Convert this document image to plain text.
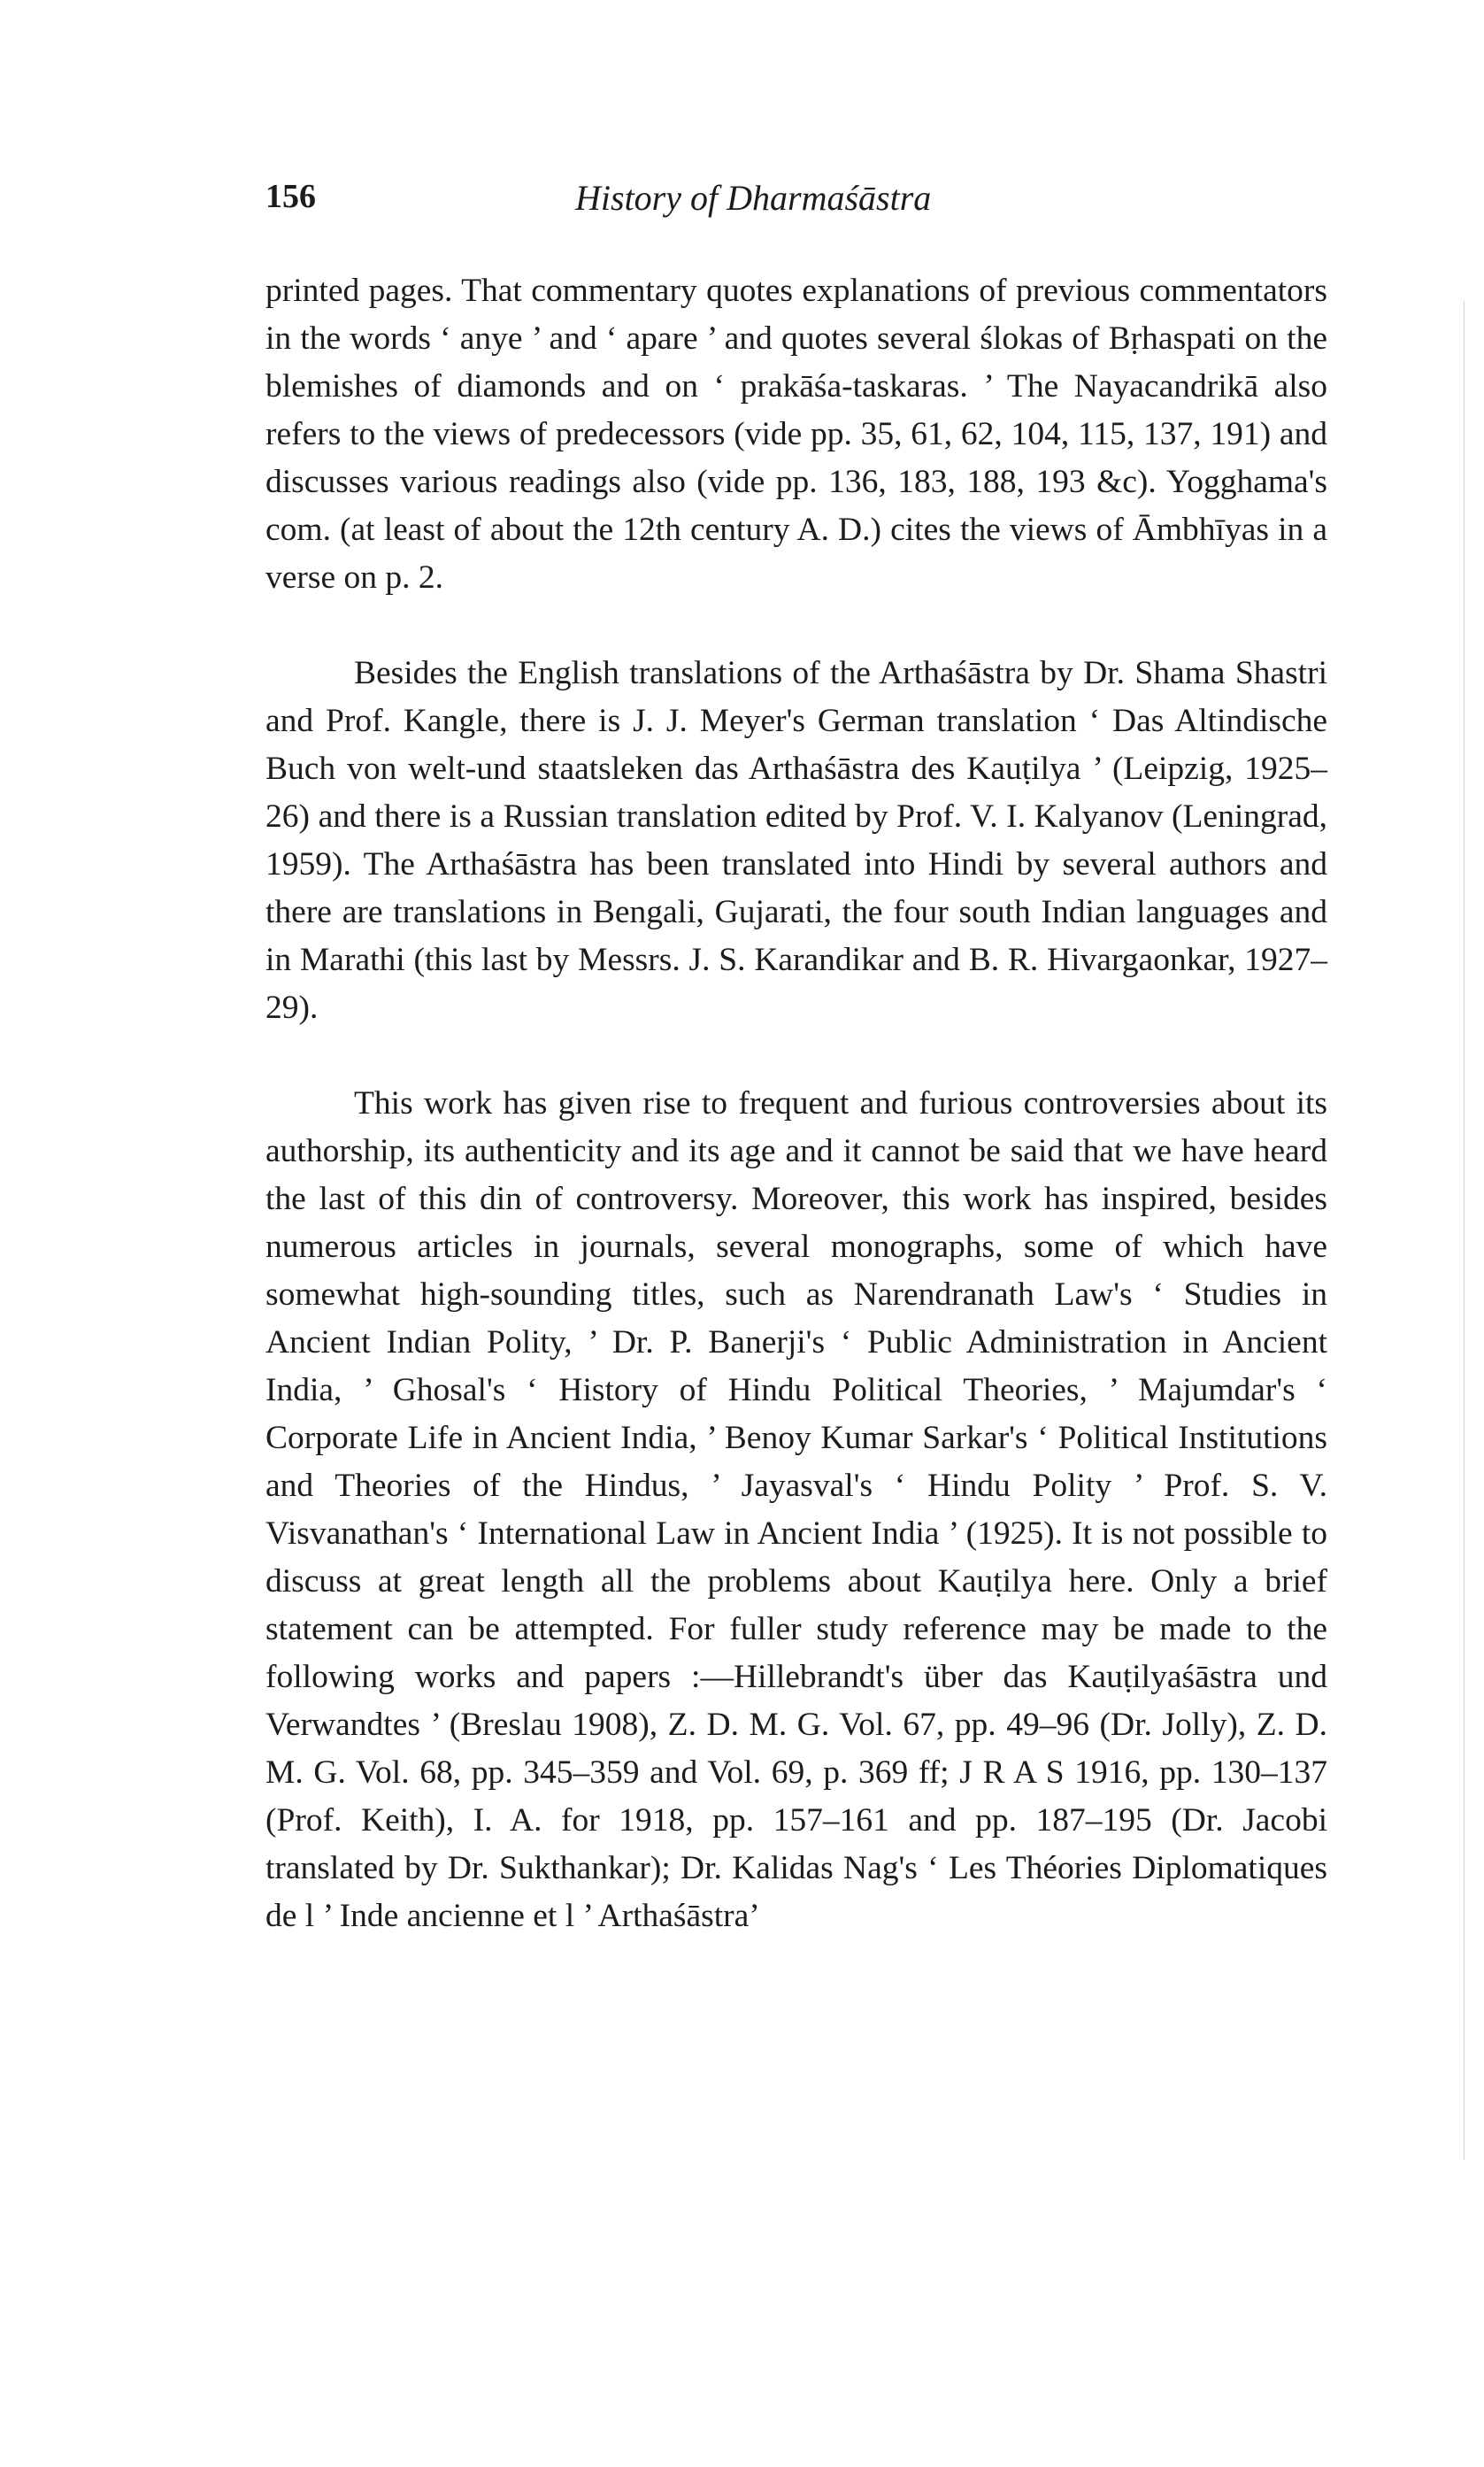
156	History of Dharmaśāstra

printed pages. That commentary quotes explanations of previous commentators in the words ‘ anye ’ and ‘ apare ’ and quotes several ślokas of Bṛhaspati on the blemishes of diamonds and on ‘ prakāśa-taskaras. ’ The Nayacandrikā also refers to the views of predecessors (vide pp. 35, 61, 62, 104, 115, 137, 191) and discusses various readings also (vide pp. 136, 183, 188, 193 &c). Yogghama's com. (at least of about the 12th century A. D.) cites the views of Āmbhīyas in a verse on p. 2.

Besides the English translations of the Arthaśāstra by Dr. Shama Shastri and Prof. Kangle, there is J. J. Meyer's German translation ‘ Das Altindische Buch von welt-und staatsleken das Arthaśāstra des Kauṭilya ’ (Leipzig, 1925–26) and there is a Russian translation edited by Prof. V. I. Kalyanov (Leningrad, 1959). The Arthaśāstra has been translated into Hindi by several authors and there are translations in Bengali, Gujarati, the four south Indian languages and in Marathi (this last by Messrs. J. S. Karandikar and B. R. Hivargaonkar, 1927–29).

This work has given rise to frequent and furious controversies about its authorship, its authenticity and its age and it cannot be said that we have heard the last of this din of controversy. Moreover, this work has inspired, besides numerous articles in journals, several monographs, some of which have somewhat high-sounding titles, such as Narendranath Law's ‘ Studies in Ancient Indian Polity, ’ Dr. P. Banerji's ‘ Public Administration in Ancient India, ’ Ghosal's ‘ History of Hindu Political Theories, ’ Majumdar's ‘ Corporate Life in Ancient India, ’ Benoy Kumar Sarkar's ‘ Political Institutions and Theories of the Hindus, ’ Jayasval's ‘ Hindu Polity ’ Prof. S. V. Visvanathan's ‘ International Law in Ancient India ’ (1925). It is not possible to discuss at great length all the problems about Kauṭilya here. Only a brief statement can be attempted. For fuller study reference may be made to the following works and papers :—Hillebrandt's über das Kauṭilyaśāstra und Verwandtes ’ (Breslau 1908), Z. D. M. G. Vol. 67, pp. 49–96 (Dr. Jolly), Z. D. M. G. Vol. 68, pp. 345–359 and Vol. 69, p. 369 ff; J R A S 1916, pp. 130–137 (Prof. Keith), I. A. for 1918, pp. 157–161 and pp. 187–195 (Dr. Jacobi translated by Dr. Sukthankar); Dr. Kalidas Nag's ‘ Les Théories Diplomatiques de l ’ Inde ancienne et l ’ Arthaśāstra’
